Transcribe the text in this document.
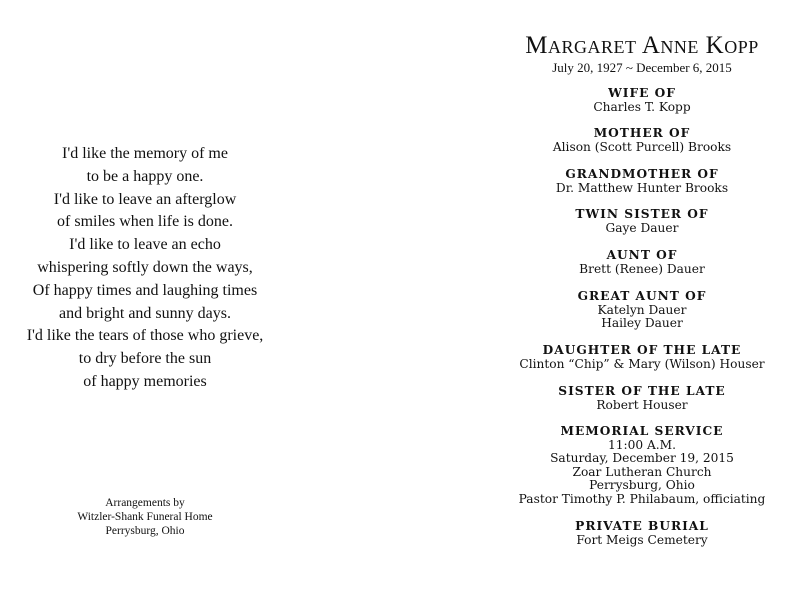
I'd like the memory of me
to be a happy one.
I'd like to leave an afterglow
of smiles when life is done.
I'd like to leave an echo
whispering softly down the ways,
Of happy times and laughing times
and bright and sunny days.
I'd like the tears of those who grieve,
to dry before the sun
of happy memories
Arrangements by
Witzler-Shank Funeral Home
Perrysburg, Ohio
Margaret Anne Kopp
July 20, 1927 ~ December 6, 2015
WIFE OF
Charles T. Kopp
MOTHER OF
Alison (Scott Purcell) Brooks
GRANDMOTHER OF
Dr. Matthew Hunter Brooks
TWIN SISTER OF
Gaye Dauer
AUNT OF
Brett (Renee) Dauer
GREAT AUNT OF
Katelyn Dauer
Hailey Dauer
DAUGHTER OF THE LATE
Clinton “Chip” & Mary (Wilson) Houser
SISTER OF THE LATE
Robert Houser
MEMORIAL SERVICE
11:00 A.M.
Saturday, December 19, 2015
Zoar Lutheran Church
Perrysburg, Ohio
Pastor Timothy P. Philabaum, officiating
PRIVATE BURIAL
Fort Meigs Cemetery
